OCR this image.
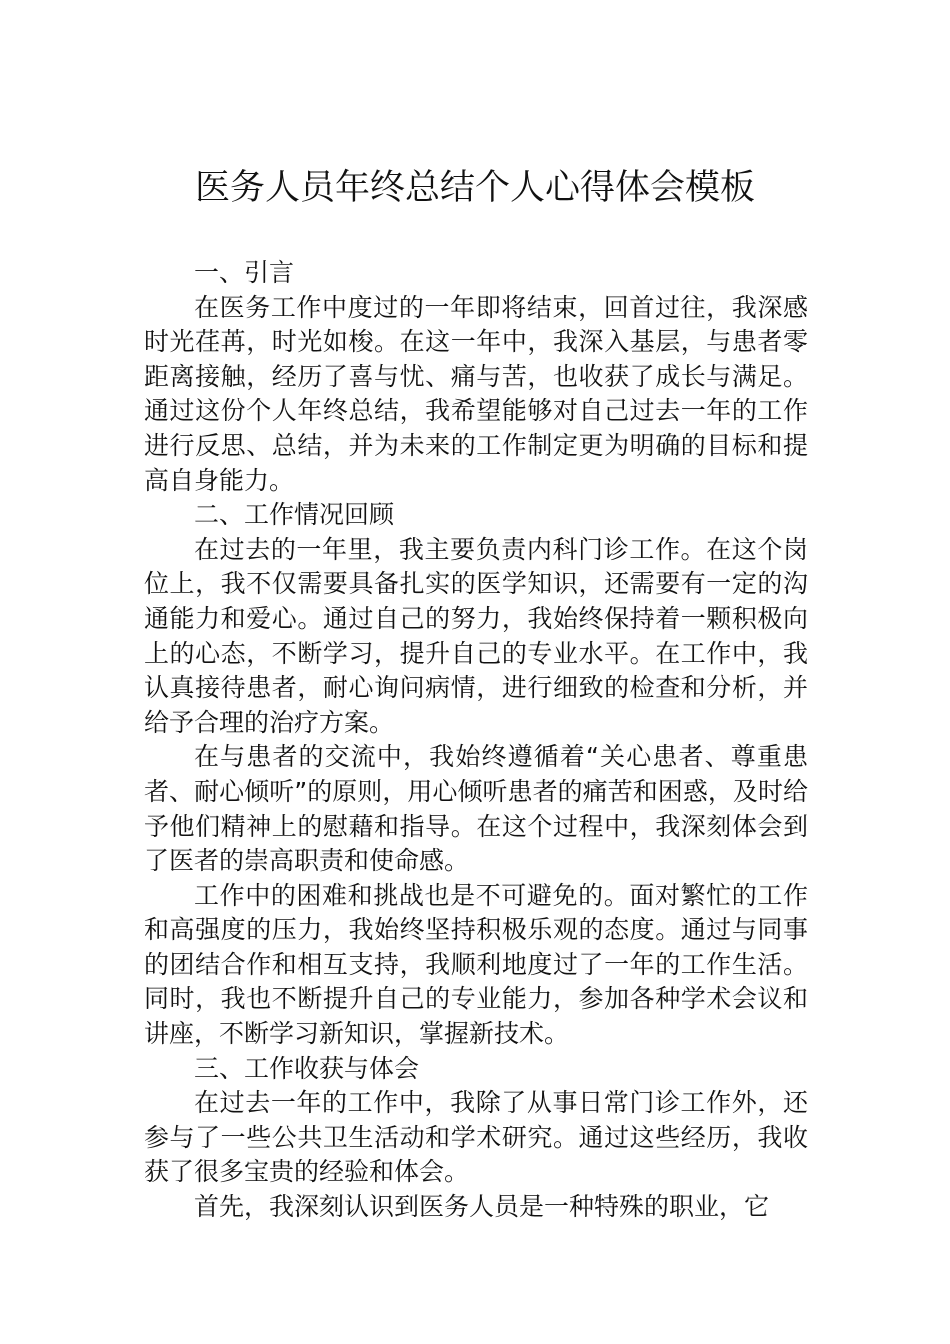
医务人员年终总结个人心得体会模板

一、引言

在医务工作中度过的一年即将结束，回首过往，我深感时光荏苒，时光如梭。在这一年中，我深入基层，与患者零距离接触，经历了喜与忧、痛与苦，也收获了成长与满足。通过这份个人年终总结，我希望能够对自己过去一年的工作进行反思、总结，并为未来的工作制定更为明确的目标和提高自身能力。

二、工作情况回顾

在过去的一年里，我主要负责内科门诊工作。在这个岗位上，我不仅需要具备扎实的医学知识，还需要有一定的沟通能力和爱心。通过自己的努力，我始终保持着一颗积极向上的心态，不断学习，提升自己的专业水平。在工作中，我认真接待患者，耐心询问病情，进行细致的检查和分析，并给予合理的治疗方案。

在与患者的交流中，我始终遵循着“关心患者、尊重患者、耐心倾听”的原则，用心倾听患者的痛苦和困惑，及时给予他们精神上的慰藉和指导。在这个过程中，我深刻体会到了医者的崇高职责和使命感。

工作中的困难和挑战也是不可避免的。面对繁忙的工作和高强度的压力，我始终坚持积极乐观的态度。通过与同事的团结合作和相互支持，我顺利地度过了一年的工作生活。同时，我也不断提升自己的专业能力，参加各种学术会议和讲座，不断学习新知识，掌握新技术。

三、工作收获与体会

在过去一年的工作中，我除了从事日常门诊工作外，还参与了一些公共卫生活动和学术研究。通过这些经历，我收获了很多宝贵的经验和体会。

首先，我深刻认识到医务人员是一种特殊的职业，它
